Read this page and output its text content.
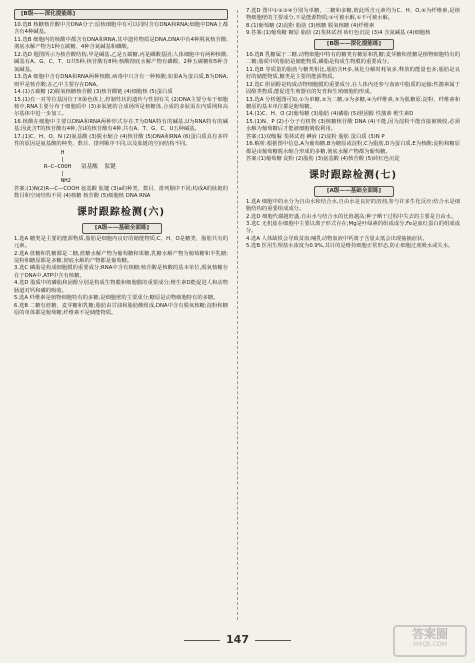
[B级——深化提能练]

10.选B 核糖核苷酸中含DNA分子;原核细胞中有可以同时含有DNA和RNA;细胞中DNA上都含有4种碱基。

11.选B 细胞内的核酸中都含有DNA和RNA,其中遗传物质是DNA,DNA中有4种脱氧核苷酸,彻底水解产物为1种五碳糖、4种含氮碱基和磷酸。

12.选D 题图所示为核苷酸结构,甲是碱基,乙是五碳糖,丙是磷酸基团;人体细胞中有两种核酸,碱基有A、G、C、T、U共5种,核苷酸有8种;核酸彻底水解产物有磷酸、2种五碳糖和5种含氮碱基。

13.选A 细胞中含有DNA和RNA两种核酸,病毒中只含有一种核酸;如果A为蛋白质,B为DNA,则甲是核苷酸;在乙中主要存在DNA。

14.(1)五碳糖 (2)脱氧核糖核苷酸 (3)核苷酸链 (4)细胞核 (5)蛋白质

15.(1)有一对等位基因位于X染色体上,控制性状的遗传与性别有关 (2)DNA主要分布于细胞核中,RNA主要分布于细胞质中 (3)多肽链的合成场所是核糖体,合成的多肽需在内质网和高尔基体中进一步加工。

16.核酸在细胞中主要以DNA和RNA两种形式存在,T为DNA特有的碱基,U为RNA特有的碱基;因此含T的核苷酸有4种,含U的核苷酸有4种,共有A、T、G、C、U五种碱基。

17.(1)C、H、O、N (2)氨基酸 (3)脱水缩合 (4)核苷酸 (5)DNA和RNA (6)蛋白质具有多样性的原因是氨基酸的种类、数目、排列顺序不同,以及肽链的空间结构不同。

H
|
R—C—COOH   氨基酸  肽键
|
NH2

答案:(1)N(2)R—C—COOH 氨基酸 肽键 (3)a的种类、数目、排列顺序不同;构成A的肽链的数目和空间结构不同 (4)核糖 核苷酸 (5)细胞核 DNA RNA

课时跟踪检测(六)
[A级——基础全面练]

1.选A 糖类是主要的能源物质,脂肪是细胞内良好的储能物质;C、H、O是糖类、脂肪共有的元素。

2.选A 蔗糖和乳糖都是二糖,蔗糖水解产物为葡萄糖和果糖,乳糖水解产物为葡萄糖和半乳糖;淀粉和糖原都是多糖,彻底水解的产物都是葡萄糖。

3.选C 磷脂是构成细胞膜的重要成分;RNA中含有核糖;核苷酸是核酸的基本单位,脱氧核糖存在于DNA中,ATP中含有核糖。

4.选D 脂质中的磷脂和固醇分别是构成生物膜和细胞膜的重要成分;维生素D能促进人和动物肠道对钙和磷的吸收。

5.选A 纤维素是植物细胞特有的多糖,是细胞壁的主要成分;糖原是动物细胞特有的多糖。

6.选B 二糖有蔗糖、麦芽糖和乳糖;脂肪由甘油和脂肪酸组成,DNA中含有脱氧核糖;淀粉和糖原的单体都是葡萄糖,纤维素不是储能物质。

7.选D 图中①②③④分别为单糖、二糖和多糖,彼此所含元素均为C、H、O,④为纤维素,是植物细胞壁的主要成分,不是能源物质;②可被水解,①不可被水解。

8.(1)葡萄糖 (2)淀粉 脂肪 (3)核糖 脱氧核糖 (4)纤维素

9.答案:(1)葡萄糖 糖原 脂肪 (2)斐林试剂 砖红色沉淀 (3)4 含氮碱基 (4)细胞核

[B级——深化提能练]

10.选B 乳糖属于二糖,动物细胞中特有的糖类有糖原和乳糖;麦芽糖和蔗糖是植物细胞特有的二糖;脂质中的脂肪是储能物质,磷脂是构成生物膜的重要成分。

11.选B 等质量的脂肪与糖类相比,脂肪含H多,氧化分解时耗氧多,释放的能量也多;脂肪是良好的储能物质,糖类是主要的能源物质。

12.选C 胆固醇是构成动物细胞膜的重要成分,在人体内还参与血液中脂质的运输;性激素属于固醇类物质,能促进生殖器官的发育和生殖细胞的形成。

13.选A 分析题图可知,①为单糖,②为二糖,③为多糖,④为纤维素,⑤为肌糖原;淀粉、纤维素和糖原的基本单位都是葡萄糖。

14.(1)C、H、O (2)葡萄糖 (3)脂肪 (4)磷脂 (5)胆固醇 性激素 维生素D

15.(1)N、P (2)小分子有机物 (3)核糖核苷酸 DNA (4)不能,因为淀粉不能直接被吸收,必须水解为葡萄糖后才能被细胞吸收利用。

答案:(1)双缩脲 斐林试剂 碘液 (2)淀粉 脂肪 蛋白质 (3)N P

16.解析:根据图中信息,A为葡萄糖,B为糖原或淀粉,C为脂肪,D为蛋白质,E为核酸;淀粉和糖原都是由葡萄糖脱水缩合形成的多糖,彻底水解产物都为葡萄糖。

答案:(1)葡萄糖 淀粉 (2)脂肪 (3)氨基酸 (4)核苷酸 (5)砖红色沉淀

课时跟踪检测(七)
[A级——基础全面练]

1.选A 细胞中的水分为自由水和结合水,自由水是良好的溶剂,参与许多生化反应;结合水是细胞结构的重要组成成分。

2.选D 细胞代谢越旺盛,自由水与结合水的比值越高;种子晒干过程中失去的主要是自由水。

3.选C 无机盐在细胞中主要以离子形式存在;Mg是叶绿素的组成成分,Fe是血红蛋白的组成成分。

4.选A 人体缺铁会导致贫血;哺乳动物血液中钙离子含量太低会出现抽搐症状。

5.选B 医用生理盐水浓度为0.9%,其目的是维持细胞正常形态,防止细胞过度吸水或失水。

147	答案圈
MXQE.COM
